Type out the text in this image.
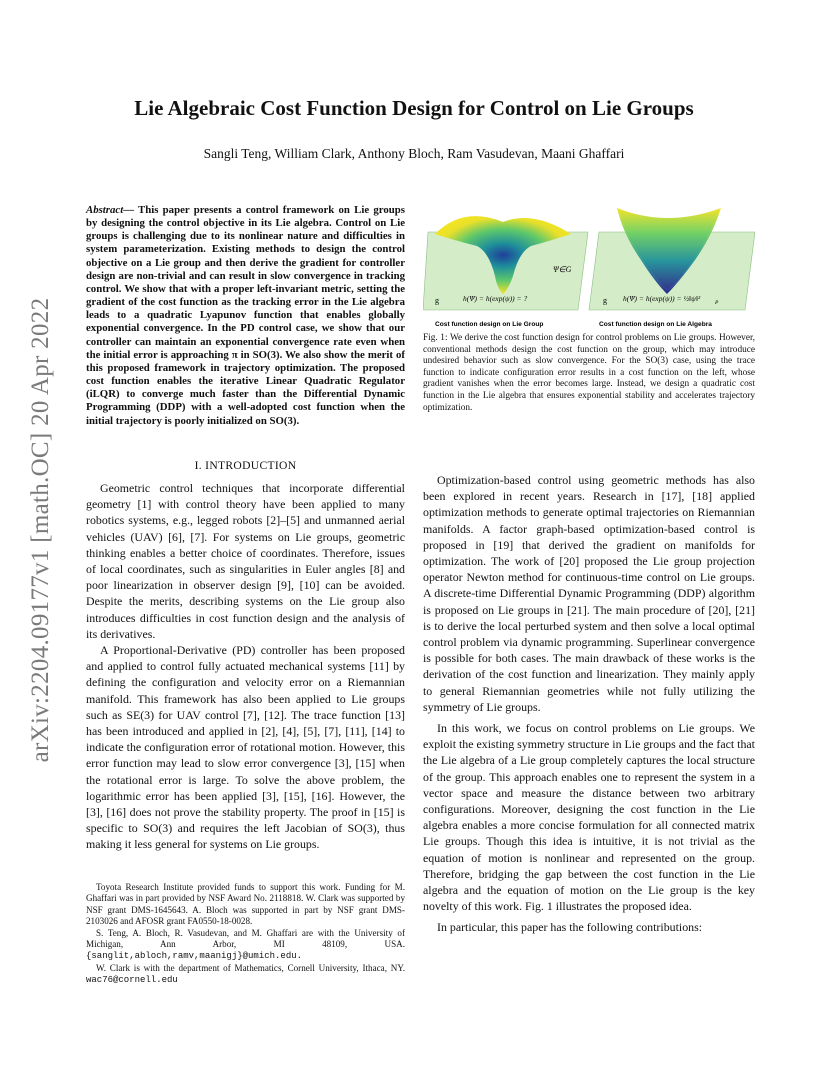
arXiv:2204.09177v1 [math.OC] 20 Apr 2022
Lie Algebraic Cost Function Design for Control on Lie Groups
Sangli Teng, William Clark, Anthony Bloch, Ram Vasudevan, Maani Ghaffari
Abstract— This paper presents a control framework on Lie groups by designing the control objective in its Lie algebra. Control on Lie groups is challenging due to its nonlinear nature and difficulties in system parameterization. Existing methods to design the control objective on a Lie group and then derive the gradient for controller design are non-trivial and can result in slow convergence in tracking control. We show that with a proper left-invariant metric, setting the gradient of the cost function as the tracking error in the Lie algebra leads to a quadratic Lyapunov function that enables globally exponential convergence. In the PD control case, we show that our controller can maintain an exponential convergence rate even when the initial error is approaching π in SO(3). We also show the merit of this proposed framework in trajectory optimization. The proposed cost function enables the iterative Linear Quadratic Regulator (iLQR) to converge much faster than the Differential Dynamic Programming (DDP) with a well-adopted cost function when the initial trajectory is poorly initialized on SO(3).
I. INTRODUCTION

Geometric control techniques that incorporate differential geometry [1] with control theory have been applied to many robotics systems, e.g., legged robots [2]–[5] and unmanned aerial vehicles (UAV) [6], [7]. For systems on Lie groups, geometric thinking enables a better choice of coordinates. Therefore, issues of local coordinates, such as singularities in Euler angles [8] and poor linearization in observer design [9], [10] can be avoided. Despite the merits, describing systems on the Lie group also introduces difficulties in cost function design and the analysis of its derivatives.

A Proportional-Derivative (PD) controller has been proposed and applied to control fully actuated mechanical systems [11] by defining the configuration and velocity error on a Riemannian manifold. This framework has also been applied to Lie groups such as SE(3) for UAV control [7], [12]. The trace function [13] has been introduced and applied in [2], [4], [5], [7], [11], [14] to indicate the configuration error of rotational motion. However, this error function may lead to slow error convergence [3], [15] when the rotational error is large. To solve the above problem, the logarithmic error has been applied [3], [15], [16]. However, the [3], [16] does not prove the stability property. The proof in [15] is specific to SO(3) and requires the left Jacobian of SO(3), thus making it less general for systems on Lie groups.

Toyota Research Institute provided funds to support this work. Funding for M. Ghaffari was in part provided by NSF Award No. 2118818. W. Clark was supported by NSF grant DMS-1645643. A. Bloch was supported in part by NSF grant DMS-2103026 and AFOSR grant FA0550-18-0028.

S. Teng, A. Bloch, R. Vasudevan, and M. Ghaffari are with the University of Michigan, Ann Arbor, MI 48109, USA. {sanglit,abloch,ramv,maanigj}@umich.edu.

W. Clark is with the department of Mathematics, Cornell University, Ithaca, NY. wac76@cornell.edu

Ψ∈G
g	h(Ψ) = h(exp(ψ)) = ?	g h(Ψ) = h(exp(ψ)) = ½‖ψ‖²	P
Cost function design on Lie Group	Cost function design on Lie Algebra
Fig. 1: We derive the cost function design for control problems on Lie groups. However, conventional methods design the cost function on the group, which may introduce undesired behavior such as slow convergence. For the SO(3) case, using the trace function to indicate configuration error results in a cost function on the left, whose gradient vanishes when the error becomes large. Instead, we design a quadratic cost function in the Lie algebra that ensures exponential stability and accelerates trajectory optimization.

Optimization-based control using geometric methods has also been explored in recent years. Research in [17], [18] applied optimization methods to generate optimal trajectories on Riemannian manifolds. A factor graph-based optimization-based control is proposed in [19] that derived the gradient on manifolds for optimization. The work of [20] proposed the Lie group projection operator Newton method for continuous-time control on Lie groups. A discrete-time Differential Dynamic Programming (DDP) algorithm is proposed on Lie groups in [21]. The main procedure of [20], [21] is to derive the local perturbed system and then solve a local optimal control problem via dynamic programming. Superlinear convergence is possible for both cases. The main drawback of these works is the derivation of the cost function and linearization. They mainly apply to general Riemannian geometries while not fully utilizing the symmetry of Lie groups.

In this work, we focus on control problems on Lie groups. We exploit the existing symmetry structure in Lie groups and the fact that the Lie algebra of a Lie group completely captures the local structure of the group. This approach enables one to represent the system in a vector space and measure the distance between two arbitrary configurations. Moreover, designing the cost function in the Lie algebra enables a more concise formulation for all connected matrix Lie groups. Though this idea is intuitive, it is not trivial as the equation of motion is nonlinear and represented on the group. Therefore, bridging the gap between the cost function in the Lie algebra and the equation of motion on the Lie group is the key novelty of this work. Fig. 1 illustrates the proposed idea.

In particular, this paper has the following contributions:
